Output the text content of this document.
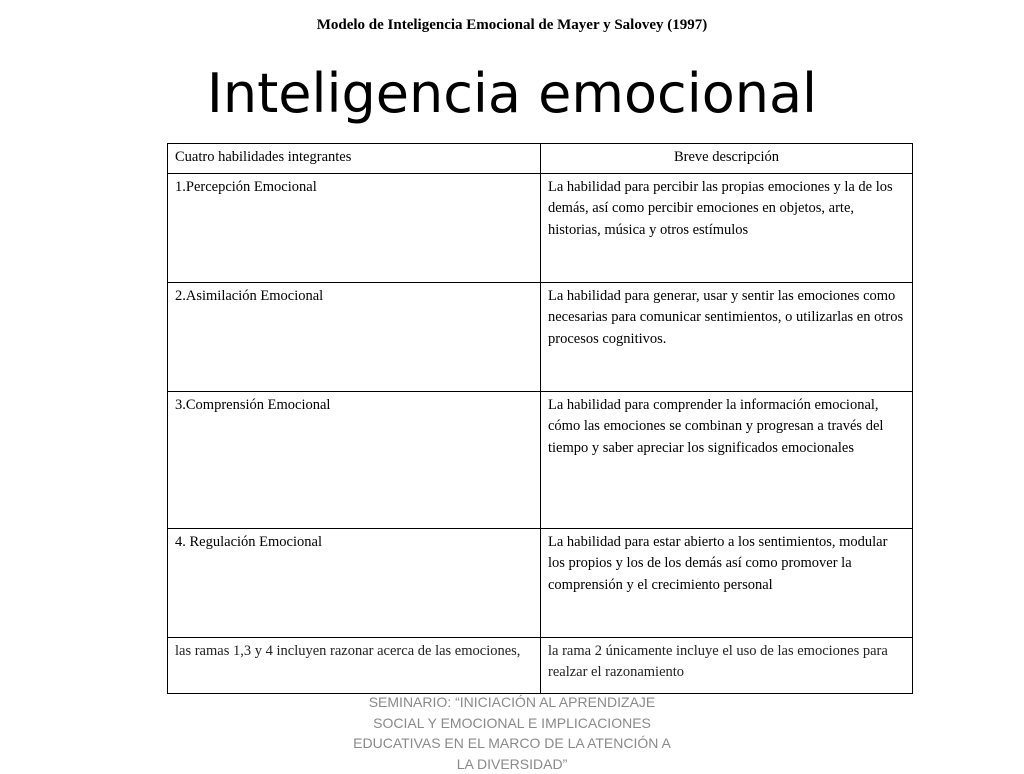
Modelo de Inteligencia Emocional de Mayer y Salovey (1997)
Inteligencia emocional
Cuatro habilidades integrantes	Breve descripción
1.Percepción Emocional	La habilidad para percibir las propias emociones y la de los demás, así como percibir emociones en objetos, arte, historias, música y otros estímulos
2.Asimilación Emocional	La habilidad para generar, usar y sentir las emociones como necesarias para comunicar sentimientos, o utilizarlas en otros procesos cognitivos.
3.Comprensión Emocional	La habilidad para comprender la información emocional, cómo las emociones se combinan y progresan a través del tiempo y saber apreciar los significados emocionales
4. Regulación Emocional	La habilidad para estar abierto a los sentimientos, modular los propios y los de los demás así como promover la comprensión y el crecimiento personal
las ramas 1,3 y 4 incluyen razonar acerca de las emociones,	la rama 2 únicamente incluye el uso de las emociones para realzar el razonamiento
SEMINARIO: “INICIACIÓN AL APRENDIZAJE SOCIAL Y EMOCIONAL E IMPLICACIONES EDUCATIVAS EN EL MARCO DE LA ATENCIÓN A LA DIVERSIDAD”
